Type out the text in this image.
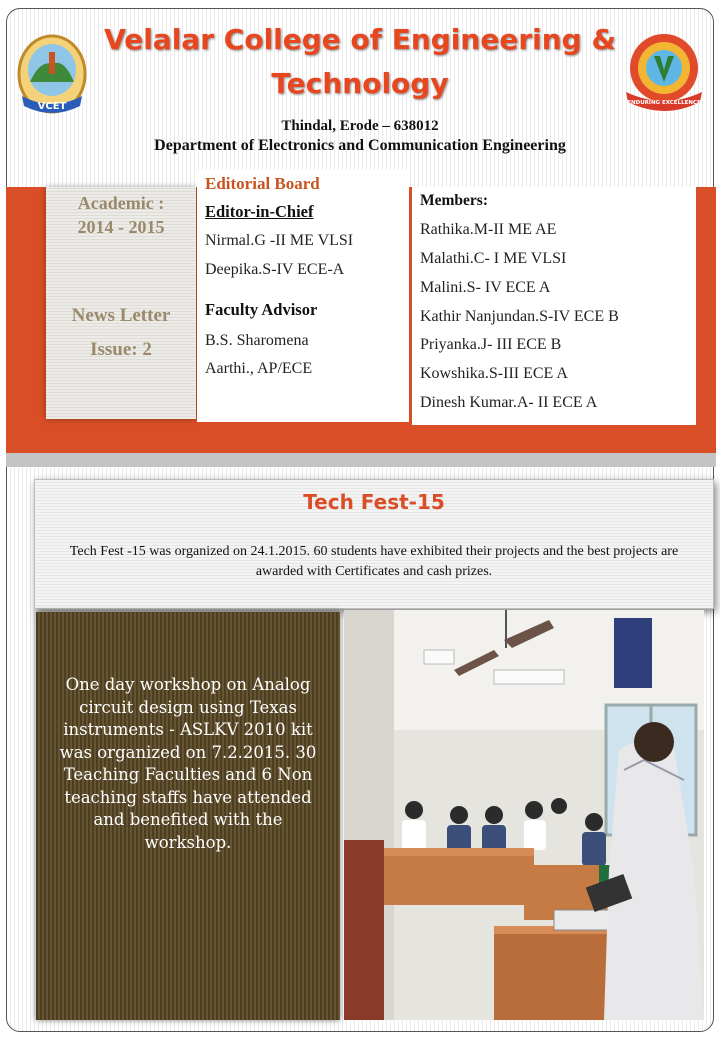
Velalar College of Engineering &
Technology
Thindal, Erode – 638012
Department of Electronics and Communication Engineering
VCET	ENDURING EXCELLENCE
Academic :
2014 - 2015
News Letter
Issue: 2
Editorial Board
Editor-in-Chief
Nirmal.G -II ME VLSI
Deepika.S-IV ECE-A
Faculty Advisor
B.S. Sharomena
Aarthi., AP/ECE
Members:
Rathika.M-II ME AE
Malathi.C- I ME VLSI
Malini.S- IV ECE A
Kathir Nanjundan.S-IV ECE B
Priyanka.J- III ECE B
Kowshika.S-III ECE A
Dinesh Kumar.A- II ECE A
Tech Fest-15
Tech Fest -15 was organized on 24.1.2015. 60 students have exhibited their projects and the best projects are awarded with Certificates and cash prizes.
One day workshop on Analog circuit design using Texas instruments - ASLKV 2010 kit was organized on 7.2.2015. 30 Teaching Faculties and 6 Non teaching staffs have attended and benefited with the workshop.
